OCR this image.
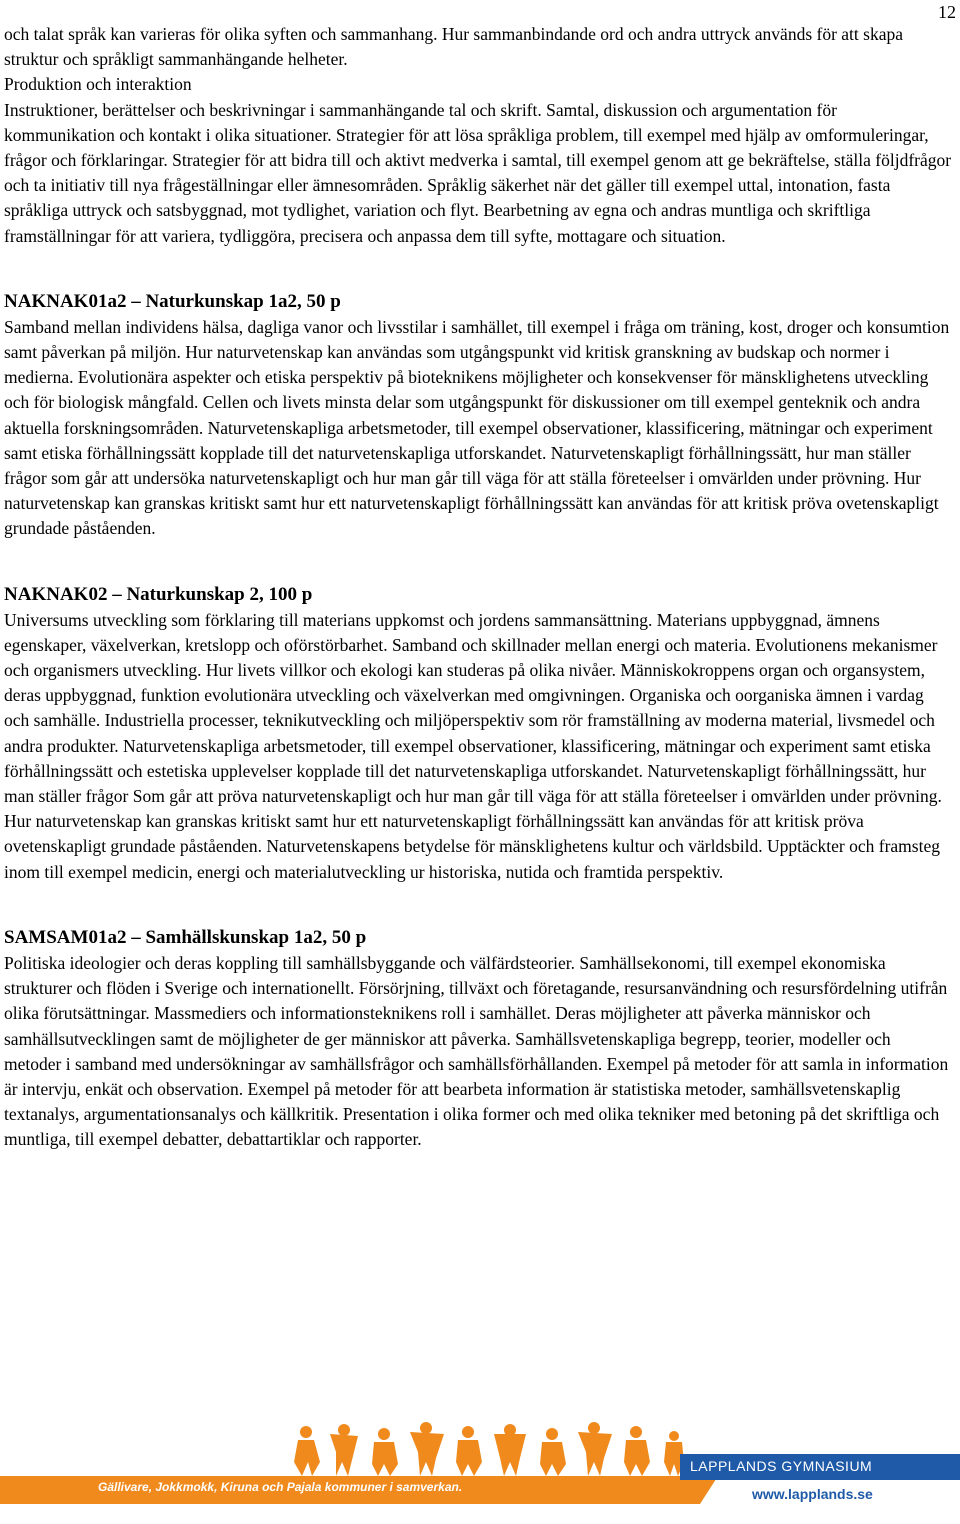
12

och talat språk kan varieras för olika syften och sammanhang. Hur sammanbindande ord och andra uttryck används för att skapa struktur och språkligt sammanhängande helheter.

Produktion och interaktion

Instruktioner, berättelser och beskrivningar i sammanhängande tal och skrift. Samtal, diskussion och argumentation för kommunikation och kontakt i olika situationer. Strategier för att lösa språkliga problem, till exempel med hjälp av omformuleringar, frågor och förklaringar. Strategier för att bidra till och aktivt medverka i samtal, till exempel genom att ge bekräftelse, ställa följdfrågor och ta initiativ till nya frågeställningar eller ämnesområden. Språklig säkerhet när det gäller till exempel uttal, intonation, fasta språkliga uttryck och satsbyggnad, mot tydlighet, variation och flyt. Bearbetning av egna och andras muntliga och skriftliga framställningar för att variera, tydliggöra, precisera och anpassa dem till syfte, mottagare och situation.

NAKNAK01a2 – Naturkunskap 1a2, 50 p

Samband mellan individens hälsa, dagliga vanor och livsstilar i samhället, till exempel i fråga om träning, kost, droger och konsumtion samt påverkan på miljön. Hur naturvetenskap kan användas som utgångspunkt vid kritisk granskning av budskap och normer i medierna. Evolutionära aspekter och etiska perspektiv på bioteknikens möjligheter och konsekvenser för mänsklighetens utveckling och för biologisk mångfald. Cellen och livets minsta delar som utgångspunkt för diskussioner om till exempel genteknik och andra aktuella forskningsområden. Naturvetenskapliga arbetsmetoder, till exempel observationer, klassificering, mätningar och experiment samt etiska förhållningssätt kopplade till det naturvetenskapliga utforskandet. Naturvetenskapligt förhållningssätt, hur man ställer frågor som går att undersöka naturvetenskapligt och hur man går till väga för att ställa företeelser i omvärlden under prövning. Hur naturvetenskap kan granskas kritiskt samt hur ett naturvetenskapligt förhållningssätt kan användas för att kritisk pröva ovetenskapligt grundade påståenden.

NAKNAK02 – Naturkunskap 2, 100 p

Universums utveckling som förklaring till materians uppkomst och jordens sammansättning. Materians uppbyggnad, ämnens egenskaper, växelverkan, kretslopp och oförstörbarhet. Samband och skillnader mellan energi och materia. Evolutionens mekanismer och organismers utveckling. Hur livets villkor och ekologi kan studeras på olika nivåer. Människokroppens organ och organsystem, deras uppbyggnad, funktion evolutionära utveckling och växelverkan med omgivningen. Organiska och oorganiska ämnen i vardag och samhälle. Industriella processer, teknikutveckling och miljöperspektiv som rör framställning av moderna material, livsmedel och andra produkter. Naturvetenskapliga arbetsmetoder, till exempel observationer, klassificering, mätningar och experiment samt etiska förhållningssätt och estetiska upplevelser kopplade till det naturvetenskapliga utforskandet. Naturvetenskapligt förhållningssätt, hur man ställer frågor Som går att pröva naturvetenskapligt och hur man går till väga för att ställa företeelser i omvärlden under prövning. Hur naturvetenskap kan granskas kritiskt samt hur ett naturvetenskapligt förhållningssätt kan användas för att kritisk pröva ovetenskapligt grundade påståenden. Naturvetenskapens betydelse för mänsklighetens kultur och världsbild. Upptäckter och framsteg inom till exempel medicin, energi och materialutveckling ur historiska, nutida och framtida perspektiv.

SAMSAM01a2 – Samhällskunskap 1a2, 50 p

Politiska ideologier och deras koppling till samhällsbyggande och välfärdsteorier. Samhällsekonomi, till exempel ekonomiska strukturer och flöden i Sverige och internationellt. Försörjning, tillväxt och företagande, resursanvändning och resursfördelning utifrån olika förutsättningar. Massmediers och informationsteknikens roll i samhället. Deras möjligheter att påverka människor och samhällsutvecklingen samt de möjligheter de ger människor att påverka. Samhällsvetenskapliga begrepp, teorier, modeller och metoder i samband med undersökningar av samhällsfrågor och samhällsförhållanden. Exempel på metoder för att samla in information är intervju, enkät och observation. Exempel på metoder för att bearbeta information är statistiska metoder, samhällsvetenskaplig textanalys, argumentationsanalys och källkritik. Presentation i olika former och med olika tekniker med betoning på det skriftliga och muntliga, till exempel debatter, debattartiklar och rapporter.

Gällivare, Jokkmokk, Kiruna och Pajala kommuner i samverkan.
LAPPLANDS GYMNASIUM
www.lapplands.se
